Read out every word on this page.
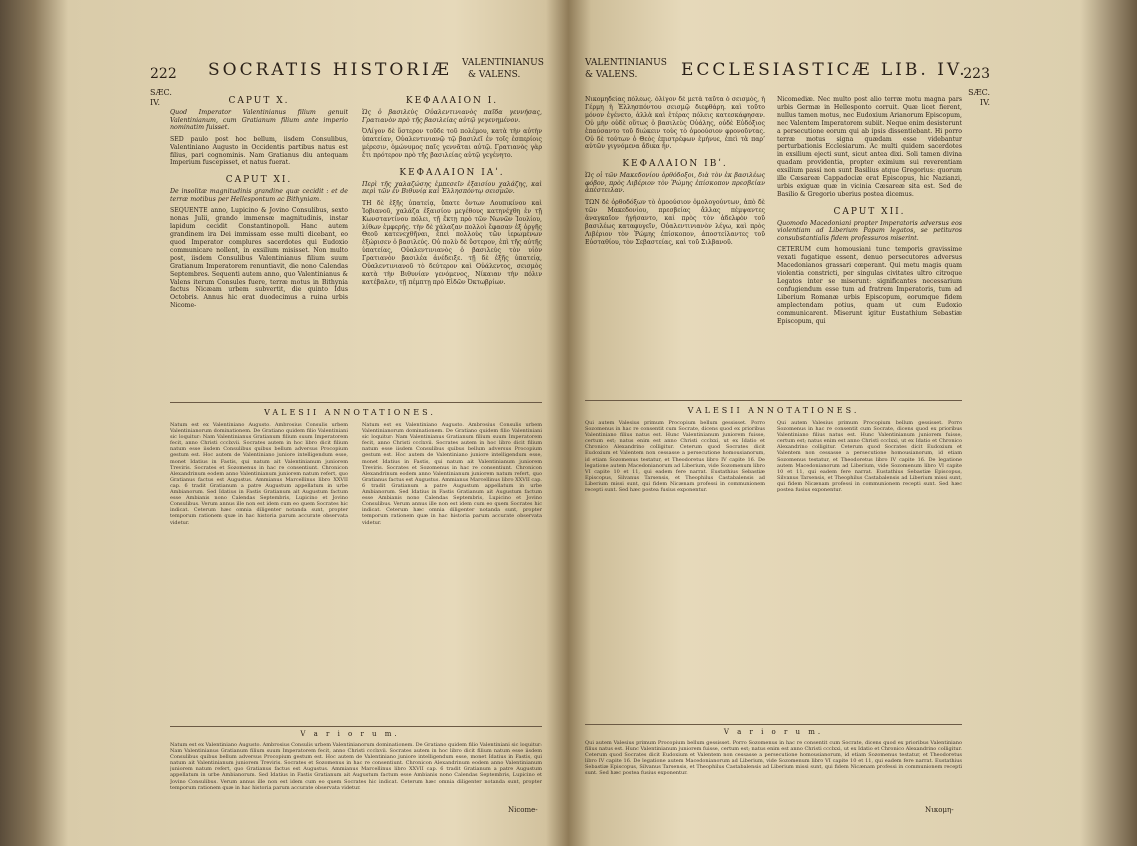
222 SOCRATIS HISTORIÆ VALENTINIANUS
& VALENS.
SÆC.
IV.	CAPUT X.
Quod Imperator Valentinianus filium genuit Valentinianum, cum Gratianum filium ante imperio nominatim fuisset.
SED paulo post hoc bellum, iisdem Consulibus, Valentiniano Augusto in Occidentis partibus natus est filius, pari cognominis. Nam Gratianus diu antequam Imperium fuscepisset, et natus fuerat.
CAPUT XI.
De insolitæ magnitudinis grandine quæ cecidit : et de terræ motibus per Hellespontum ac Bithyniam.
SEQUENTE anno, Lupicino & Jovino Consulibus, sexto nonas Julii, grando immensæ magnitudinis, instar lapidum cecidit Constantinopoli. Hanc autem grandinem ira Dei immissam esse multi dicebant, eo quod Imperator complures sacerdotes qui Eudoxio communicare nollent, in exsilium misisset. Non multo post, iisdem Consulibus Valentinianus filium suum Gratianum Imperatorem renuntiavit, die nono Calendas Septembres. Sequenti autem anno, quo Valentinianus & Valens iterum Consules fuere, terræ motus in Bithynia factus Nicæam urbem subvertit, die quinto Idus Octobris. Annus hic erat duodecimus a ruina urbis Nicome-
ΚΕΦΑΛΑΙΟΝ Ι.
Ὡς ὁ βασιλεὺς Οὐαλεντινιανὸς παῖδα γεννήσας, Γρατιανὸν πρὸ τῆς βασιλείας αὐτῷ γεγενημένον.
ὈΛίγον δὲ ὕστερον τοῦδε τοῦ πολέμου, κατὰ τὴν αὐτὴν ὑπατείαν, Οὐαλεντινιανῷ τῷ βασιλεῖ ἐν τοῖς ἑσπερίοις μέρεσιν, ὁμώνυμος παῖς γεννᾶται αὐτῷ. Γρατιανὸς γὰρ ἔτι πρότερον πρὸ τῆς βασιλείας αὐτῷ γεγένητο.
ΚΕΦΑΛΑΙΟΝ ΙΑʹ.
Περὶ τῆς χαλαζώσης ἐμπεσεῖν ἐξαισίου χαλάζης, καὶ περὶ τῶν ἐν Βιθυνίᾳ καὶ Ἑλλησπόντῳ σεισμῶν.
ΤΗ δὲ ἑξῆς ὑπατείᾳ, ὕπατε ὄντων Λουπικίνου καὶ Ἰοβιανοῦ, χαλάζα ἐξαισίου μεγέθους κατηνέχθη ἐν τῇ Κωνσταντίνου πόλει, τῇ ἕκτῃ πρὸ τῶν Νωνῶν Ἰουλίου, λίθων ἐμφερής. τὴν δὲ χάλαζαν πολλοὶ ἔφασαν ἐξ ὀργῆς Θεοῦ κατενεχθῆναι, ἐπεὶ πολλοὺς τῶν ἱερωμένων ἐξώρισεν ὁ βασιλεύς. Οὐ πολὺ δὲ ὕστερον, ἐπὶ τῆς αὐτῆς ὑπατείας, Οὐαλεντινιανὸς ὁ βασιλεὺς τὸν υἱὸν Γρατιανὸν βασιλέα ἀνέδειξε. τῇ δὲ ἑξῆς ὑπατείᾳ, Οὐαλεντινιανοῦ τὸ δεύτερον καὶ Οὐάλεντος, σεισμὸς κατὰ τὴν Βιθυνίαν γενόμενος, Νίκαιαν τὴν πόλιν κατέβαλεν, τῇ πέμπτῃ πρὸ Εἰδῶν Ὀκτωβρίων.
VALESII ANNOTATIONES.
Natum est ex Valentiniano Augusto. Ambrosius Consulis urbem Valentinianorum dominationem. De Gratiano quidem filio Valentiniani sic loquitur: Nam Valentinianus Gratianum filium suum Imperatorem fecit, anno Christi ccclxvii. Socrates autem in hoc libro dicit filium natum esse iisdem Consulibus quibus bellum adversus Procopium gestum est. Hoc autem de Valentiniano juniore intelligendum esse, monet Idatius in Fastis, qui natum ait Valentinianum juniorem Treviris. Socrates et Sozomenus in hac re consentiunt. Chronicon Alexandrinum eodem anno Valentinianum juniorem natum refert, quo Gratianus factus est Augustus. Ammianus Marcellinus libro XXVII cap. 6 tradit Gratianum a patre Augustum appellatum in urbe Ambianorum. Sed Idatius in Fastis Gratianum ait Augustum factum esse Ambianis nono Calendas Septembris, Lupicino et Jovino Consulibus. Verum annus ille non est idem cum eo quem Socrates hic indicat. Ceterum hæc omnia diligenter notanda sunt, propter temporum rationem quæ in hac historia parum accurate observata videtur.
Natum est ex Valentiniano Augusto. Ambrosius Consulis urbem Valentinianorum dominationem. De Gratiano quidem filio Valentiniani sic loquitur: Nam Valentinianus Gratianum filium suum Imperatorem fecit, anno Christi ccclxvii. Socrates autem in hoc libro dicit filium natum esse iisdem Consulibus quibus bellum adversus Procopium gestum est. Hoc autem de Valentiniano juniore intelligendum esse, monet Idatius in Fastis, qui natum ait Valentinianum juniorem Treviris. Socrates et Sozomenus in hac re consentiunt. Chronicon Alexandrinum eodem anno Valentinianum juniorem natum refert, quo Gratianus factus est Augustus. Ammianus Marcellinus libro XXVII cap. 6 tradit Gratianum a patre Augustum appellatum in urbe Ambianorum. Sed Idatius in Fastis Gratianum ait Augustum factum esse Ambianis nono Calendas Septembris, Lupicino et Jovino Consulibus. Verum annus ille non est idem cum eo quem Socrates hic indicat. Ceterum hæc omnia diligenter notanda sunt, propter temporum rationem quæ in hac historia parum accurate observata videtur.
V a r i o r u m.
Natum est ex Valentiniano Augusto. Ambrosius Consulis urbem Valentinianorum dominationem. De Gratiano quidem filio Valentiniani sic loquitur: Nam Valentinianus Gratianum filium suum Imperatorem fecit, anno Christi ccclxvii. Socrates autem in hoc libro dicit filium natum esse iisdem Consulibus quibus bellum adversus Procopium gestum est. Hoc autem de Valentiniano juniore intelligendum esse, monet Idatius in Fastis, qui natum ait Valentinianum juniorem Treviris. Socrates et Sozomenus in hac re consentiunt. Chronicon Alexandrinum eodem anno Valentinianum juniorem natum refert, quo Gratianus factus est Augustus. Ammianus Marcellinus libro XXVII cap. 6 tradit Gratianum a patre Augustum appellatum in urbe Ambianorum. Sed Idatius in Fastis Gratianum ait Augustum factum esse Ambianis nono Calendas Septembris, Lupicino et Jovino Consulibus. Verum annus ille non est idem cum eo quem Socrates hic indicat. Ceterum hæc omnia diligenter notanda sunt, propter temporum rationem quæ in hac historia parum accurate observata videtur.
Nicome-
VALENTINIANUS
& VALENS.	ECCLESIASTICÆ LIB. IV.
223
SÆC.
IV.
Νικομηδείας πόλεως. ὀλίγον δὲ μετὰ ταῦτα ὁ σεισμὸς, ἡ Γέρμη ἡ Ἑλλησπόντου σεισμῷ διεφθάρη. καὶ τοῦτο μόνον ἐγένετο, ἀλλὰ καὶ ἑτέρας πόλεις κατεσκάφησαν. Οὐ μὴν οὐδὲ οὕτως ὁ βασιλεὺς Οὐάλης, οὐδὲ Εὐδόξιος ἐπαύσαντο τοῦ διώκειν τοὺς τὸ ὁμοούσιον φρονοῦντας. Οὐ δὲ τούτων ὁ Θεὸς ἐπιστρέφων ἐμήνυε, ἐπεὶ τὰ παρ’ αὐτῶν γιγνόμενα ἄδικα ἦν.
ΚΕΦΑΛΑΙΟΝ ΙΒʹ.
Ὡς οἱ τῶν Μακεδονίου ὀρθόδοξοι, διὰ τὸν ἐκ βασιλέως φόβον, πρὸς Λιβέριον τὸν Ῥώμης ἐπίσκοπον πρεσβείαν ἀπέστειλαν.
ΤΩΝ δὲ ὀρθοδόξων τὸ ὁμοούσιον ὁμολογούντων, ἀπὸ δὲ τῶν Μακεδονίου, πρεσβείας ἄλλας πέμψαντες ἀναγκαῖον ἡγήσαντο, καὶ πρὸς τὸν ἀδελφὸν τοῦ βασιλέως καταφυγεῖν, Οὐαλεντινιανὸν λέγω, καὶ πρὸς Λιβέριον τὸν Ῥώμης ἐπίσκοπον, ἀποστείλαντες τοῦ Εὐσταθίου, τὸν Σεβαστείας, καὶ τοῦ Σιλβανοῦ.
Nicomediæ. Nec multo post alio terræ motu magna pars urbis Germæ in Hellesponto corruit. Quæ licet fierent, nullus tamen motus, nec Eudoxium Arianorum Episcopum, nec Valentem Imperatorem subiit. Neque enim desisterunt a persecutione eorum qui ab ipsis dissentiebant. Hi porro terræ motus signa quædam esse videbantur perturbationis Ecclesiarum. Ac multi quidem sacerdotes in exsilium ejecti sunt, sicut antea dixi. Soli tamen divina quadam providentia, propter eximium sui reverentiam exsilium passi non sunt Basilius atque Gregorius: quorum ille Cæsareæ Cappadociæ erat Episcopus, hic Nazianzi, urbis exiguæ quæ in vicinia Cæsareæ sita est. Sed de Basilio & Gregorio uberius postea dicemus.
CAPUT XII.
Quomodo Macedoniani propter Imperatoris adversus eos violentiam ad Liberium Papam legatos, se petituros consubstantialis fidem professuros miserint.
CETERUM cum homousiani tunc temporis gravissime vexati fugatique essent, denuo persecutores adversus Macedonianos grassari cœperant. Qui metu magis quam violentia constricti, per singulas civitates ultro citroque Legatos inter se miserunt: significantes necessarium confugiendum esse tum ad fratrem Imperatoris, tum ad Liberium Romanæ urbis Episcopum, eorumque fidem amplectendam potius, quam ut cum Eudoxio communicarent. Miserunt igitur Eustathium Sebastiæ Episcopum, qui
VALESII ANNOTATIONES.
Qui autem Valesius primum Procopium bellum gessisset. Porro Sozomenus in hac re consentit cum Socrate, dicens quod ex prioribus Valentiniano filius natus est. Hunc Valentinianum juniorem fuisse, certum est; natus enim est anno Christi ccclxxi, ut ex Idatio et Chronico Alexandrino colligitur. Ceterum quod Socrates dicit Eudoxium et Valentem non cessasse a persecutione homousianorum, id etiam Sozomenus testatur, et Theodoretus libro IV capite 16. De legatione autem Macedonianorum ad Liberium, vide Sozomenum libro VI capite 10 et 11, qui eadem fere narrat. Eustathius Sebastiæ Episcopus, Silvanus Tarsensis, et Theophilus Castabalensis ad Liberium missi sunt, qui fidem Nicænam professi in communionem recepti sunt. Sed hæc postea fusius exponentur.
Qui autem Valesius primum Procopium bellum gessisset. Porro Sozomenus in hac re consentit cum Socrate, dicens quod ex prioribus Valentiniano filius natus est. Hunc Valentinianum juniorem fuisse, certum est; natus enim est anno Christi ccclxxi, ut ex Idatio et Chronico Alexandrino colligitur. Ceterum quod Socrates dicit Eudoxium et Valentem non cessasse a persecutione homousianorum, id etiam Sozomenus testatur, et Theodoretus libro IV capite 16. De legatione autem Macedonianorum ad Liberium, vide Sozomenum libro VI capite 10 et 11, qui eadem fere narrat. Eustathius Sebastiæ Episcopus, Silvanus Tarsensis, et Theophilus Castabalensis ad Liberium missi sunt, qui fidem Nicænam professi in communionem recepti sunt. Sed hæc postea fusius exponentur.
V a r i o r u m.
Qui autem Valesius primum Procopium bellum gessisset. Porro Sozomenus in hac re consentit cum Socrate, dicens quod ex prioribus Valentiniano filius natus est. Hunc Valentinianum juniorem fuisse, certum est; natus enim est anno Christi ccclxxi, ut ex Idatio et Chronico Alexandrino colligitur. Ceterum quod Socrates dicit Eudoxium et Valentem non cessasse a persecutione homousianorum, id etiam Sozomenus testatur, et Theodoretus libro IV capite 16. De legatione autem Macedonianorum ad Liberium, vide Sozomenum libro VI capite 10 et 11, qui eadem fere narrat. Eustathius Sebastiæ Episcopus, Silvanus Tarsensis, et Theophilus Castabalensis ad Liberium missi sunt, qui fidem Nicænam professi in communionem recepti sunt. Sed hæc postea fusius exponentur.
Νικομη-
